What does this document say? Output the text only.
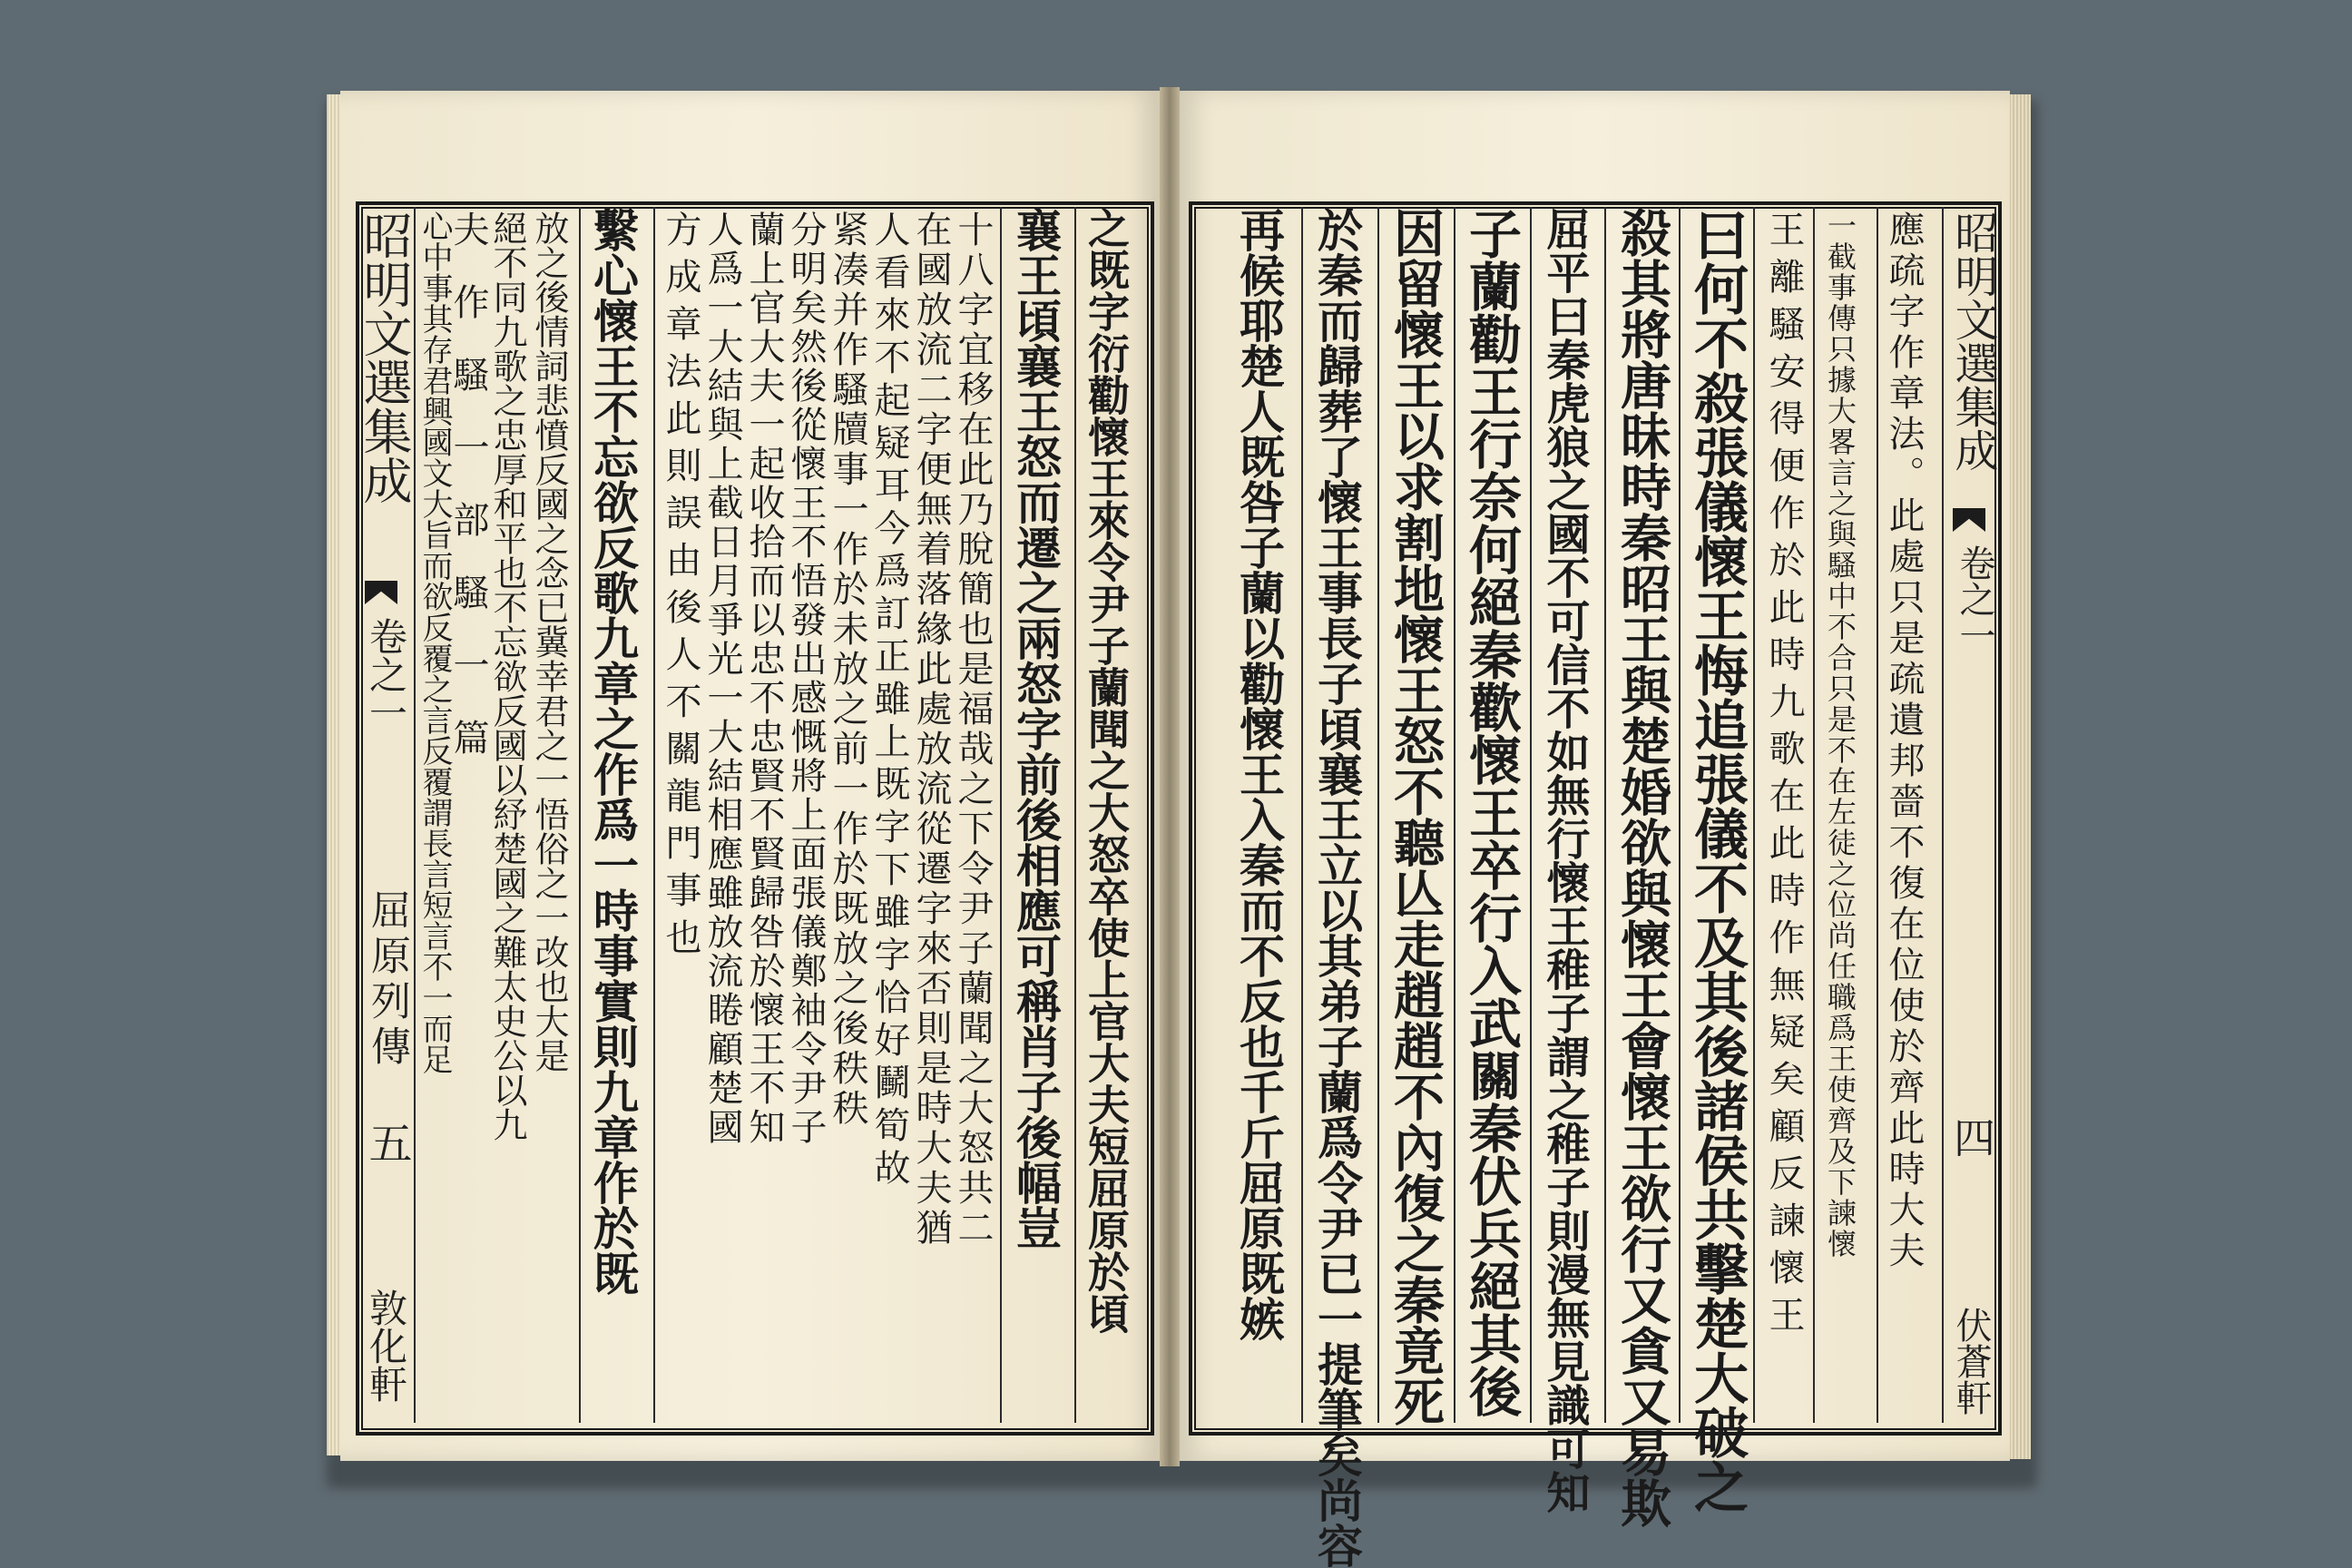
昭明文選集成
卷之一
四
伏蒼軒
應疏字作章法。此處只是疏遺邦嗇不復在位使於齊此時大夫
一截事傳只據大畧言之與騷中不合只是不在左徒之位尚任職爲王使齊及下諫懷
王離騷安得便作於此時九歌在此時作無疑矣顧反諫懷王
曰何不殺張儀懷王悔追張儀不及其後諸侯共擊楚大破之
殺其將唐昧時秦昭王與楚婚欲與懷王會懷王欲行又貪又易欺
屈平曰秦虎狼之國不可信不如無行懷王稚子謂之稚子則漫無見識可知
子蘭勸王行奈何絕秦歡懷王卒行入武關秦伏兵絕其後
因留懷王以求割地懷王怒不聽亾走趙趙不內復之秦竟死
於秦而歸葬了懷王事長子頃襄王立以其弟子蘭爲令尹已一提筆矣尚容
再候耶楚人既咎子蘭以勸懷王入秦而不反也千斤屈原既嫉
昭明文選集成
卷之一
屈原列傳
五
敦化軒
之既字衍勸懷王來令尹子蘭聞之大怒卒使上官大夫短屈原於頃
襄王頃襄王怒而遷之兩怒字前後相應可稱肖子後幅豈
十八字宜移在此乃脫簡也是福哉之下令尹子蘭聞之大怒共二
在國放流二字便無着落緣此處放流從遷字來否則是時大夫猶
人看來不起疑耳今爲訂正雖上既字下雖字恰好鬭筍故
紧凑并作騷牘事一作於未放之前一作於既放之後秩秩
分明矣然後從懷王不悟發出感慨將上面張儀鄭袖令尹子
蘭上官大夫一起收拾而以忠不忠賢不賢歸咎於懷王不知
人爲一大結與上截日月爭光一大結相應雖放流睠顧楚國
方成章法此則誤由後人不關龍門事也
繫心懷王不忘欲反歌九章之作爲一時事實則九章作於既
放之後情詞悲憤反國之念已冀幸君之一悟俗之一改也大是
絕不同九歌之忠厚和平也不忘欲反國以紓楚國之難太史公以九
夫作騷一部騷一篇
心中事其存君興國文大旨而欲反覆之言反覆謂長言短言不一而足
